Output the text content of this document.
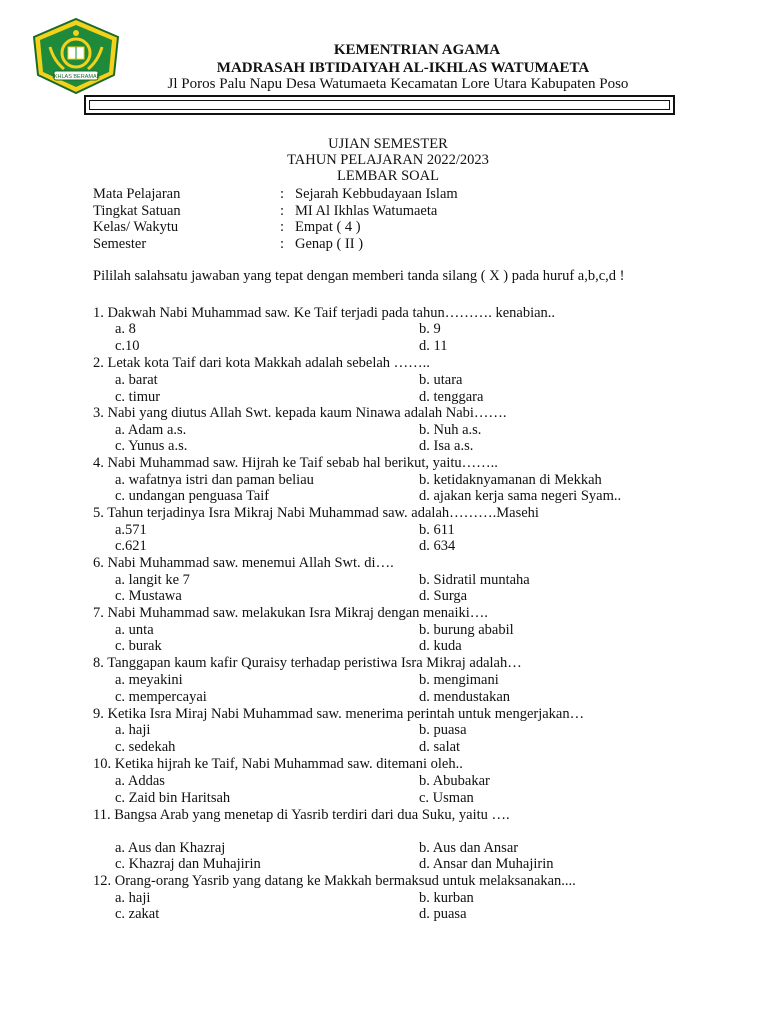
IKHLAS BERAMAL
KEMENTRIAN AGAMA
MADRASAH IBTIDAIYAH AL-IKHLAS WATUMAETA
Jl Poros Palu Napu Desa Watumaeta Kecamatan Lore Utara Kabupaten Poso
UJIAN SEMESTER
TAHUN PELAJARAN 2022/2023
LEMBAR SOAL
Mata Pelajaran	: Sejarah Kebbudayaan Islam
Tingkat Satuan	: MI Al Ikhlas Watumaeta
Kelas/ Wakytu	: Empat ( 4 )
Semester	: Genap ( II )
Pililah salahsatu jawaban yang tepat dengan memberi tanda silang ( X ) pada huruf a,b,c,d !
1. Dakwah Nabi Muhammad saw. Ke Taif terjadi pada tahun………. kenabian..
a. 8	b. 9
c.10	d. 11
2. Letak kota Taif dari kota Makkah adalah sebelah ……..
a. barat	b. utara
c. timur	d. tenggara
3. Nabi yang diutus Allah Swt. kepada kaum Ninawa adalah Nabi…….
a. Adam a.s.	b. Nuh a.s.
c. Yunus a.s.	d. Isa a.s.
4. Nabi Muhammad saw. Hijrah ke Taif sebab hal berikut, yaitu……..
a. wafatnya istri dan paman beliau	b. ketidaknyamanan di Mekkah
c. undangan penguasa Taif	d. ajakan kerja sama negeri Syam..
5. Tahun terjadinya Isra Mikraj Nabi Muhammad saw. adalah……….Masehi
a.571	b. 611
c.621	d. 634
6. Nabi Muhammad saw. menemui Allah Swt. di….
a. langit ke 7	b. Sidratil muntaha
c. Mustawa	d. Surga
7. Nabi Muhammad saw. melakukan Isra Mikraj dengan menaiki….
a. unta	b. burung ababil
c. burak	d. kuda
8. Tanggapan kaum kafir Quraisy terhadap peristiwa Isra Mikraj adalah…
a. meyakini	b. mengimani
c. mempercayai	d. mendustakan
9. Ketika Isra Miraj Nabi Muhammad saw. menerima perintah untuk mengerjakan…
a. haji	b. puasa
c. sedekah	d. salat
10. Ketika hijrah ke Taif, Nabi Muhammad saw. ditemani oleh..
a. Addas	b. Abubakar
c. Zaid bin Haritsah	c. Usman
11. Bangsa Arab yang menetap di Yasrib terdiri dari dua Suku, yaitu ….
a. Aus dan Khazraj	b. Aus dan Ansar
c. Khazraj dan Muhajirin	d. Ansar dan Muhajirin
12. Orang-orang Yasrib yang datang ke Makkah bermaksud untuk melaksanakan....
a. haji	b. kurban
c. zakat	d. puasa
